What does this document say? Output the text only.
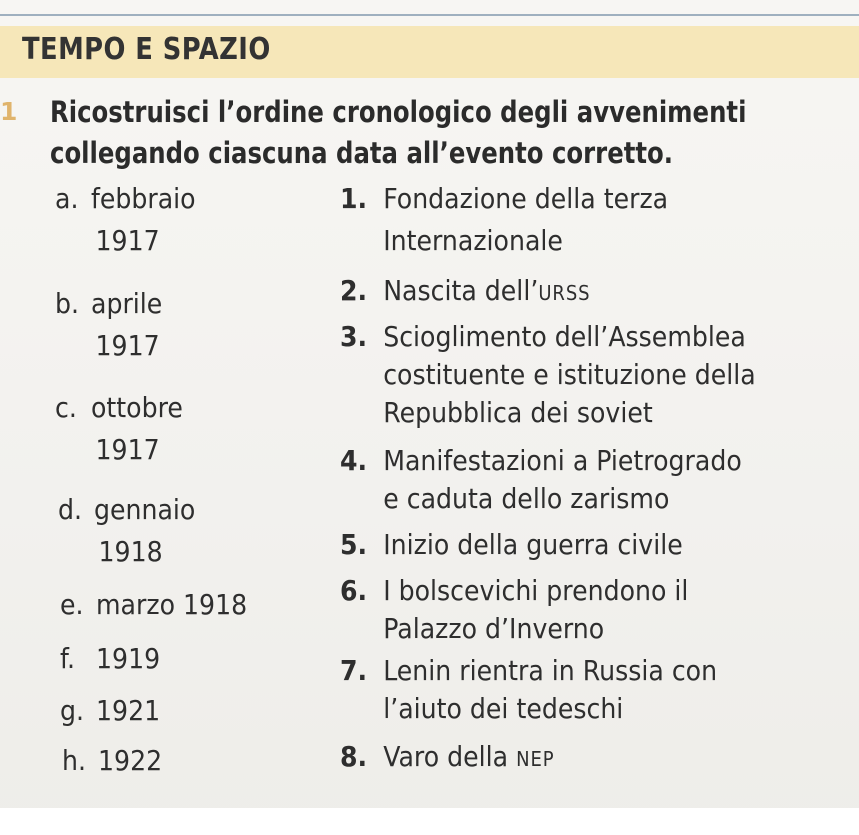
TEMPO E SPAZIO
1 Ricostruisci l’ordine cronologico degli avvenimenti
collegando ciascuna data all’evento corretto.
a. febbraio
1917
b. aprile
1917
c. ottobre
1917
d. gennaio
1918
e. marzo 1918
f. 1919
g. 1921
h. 1922
1. Fondazione della terza
Internazionale
2. Nascita dell’URSS
3. Scioglimento dell’Assemblea
costituente e istituzione della
Repubblica dei soviet
4. Manifestazioni a Pietrogrado
e caduta dello zarismo
5. Inizio della guerra civile
6. I bolscevichi prendono il
Palazzo d’Inverno
7. Lenin rientra in Russia con
l’aiuto dei tedeschi
8. Varo della NEP
